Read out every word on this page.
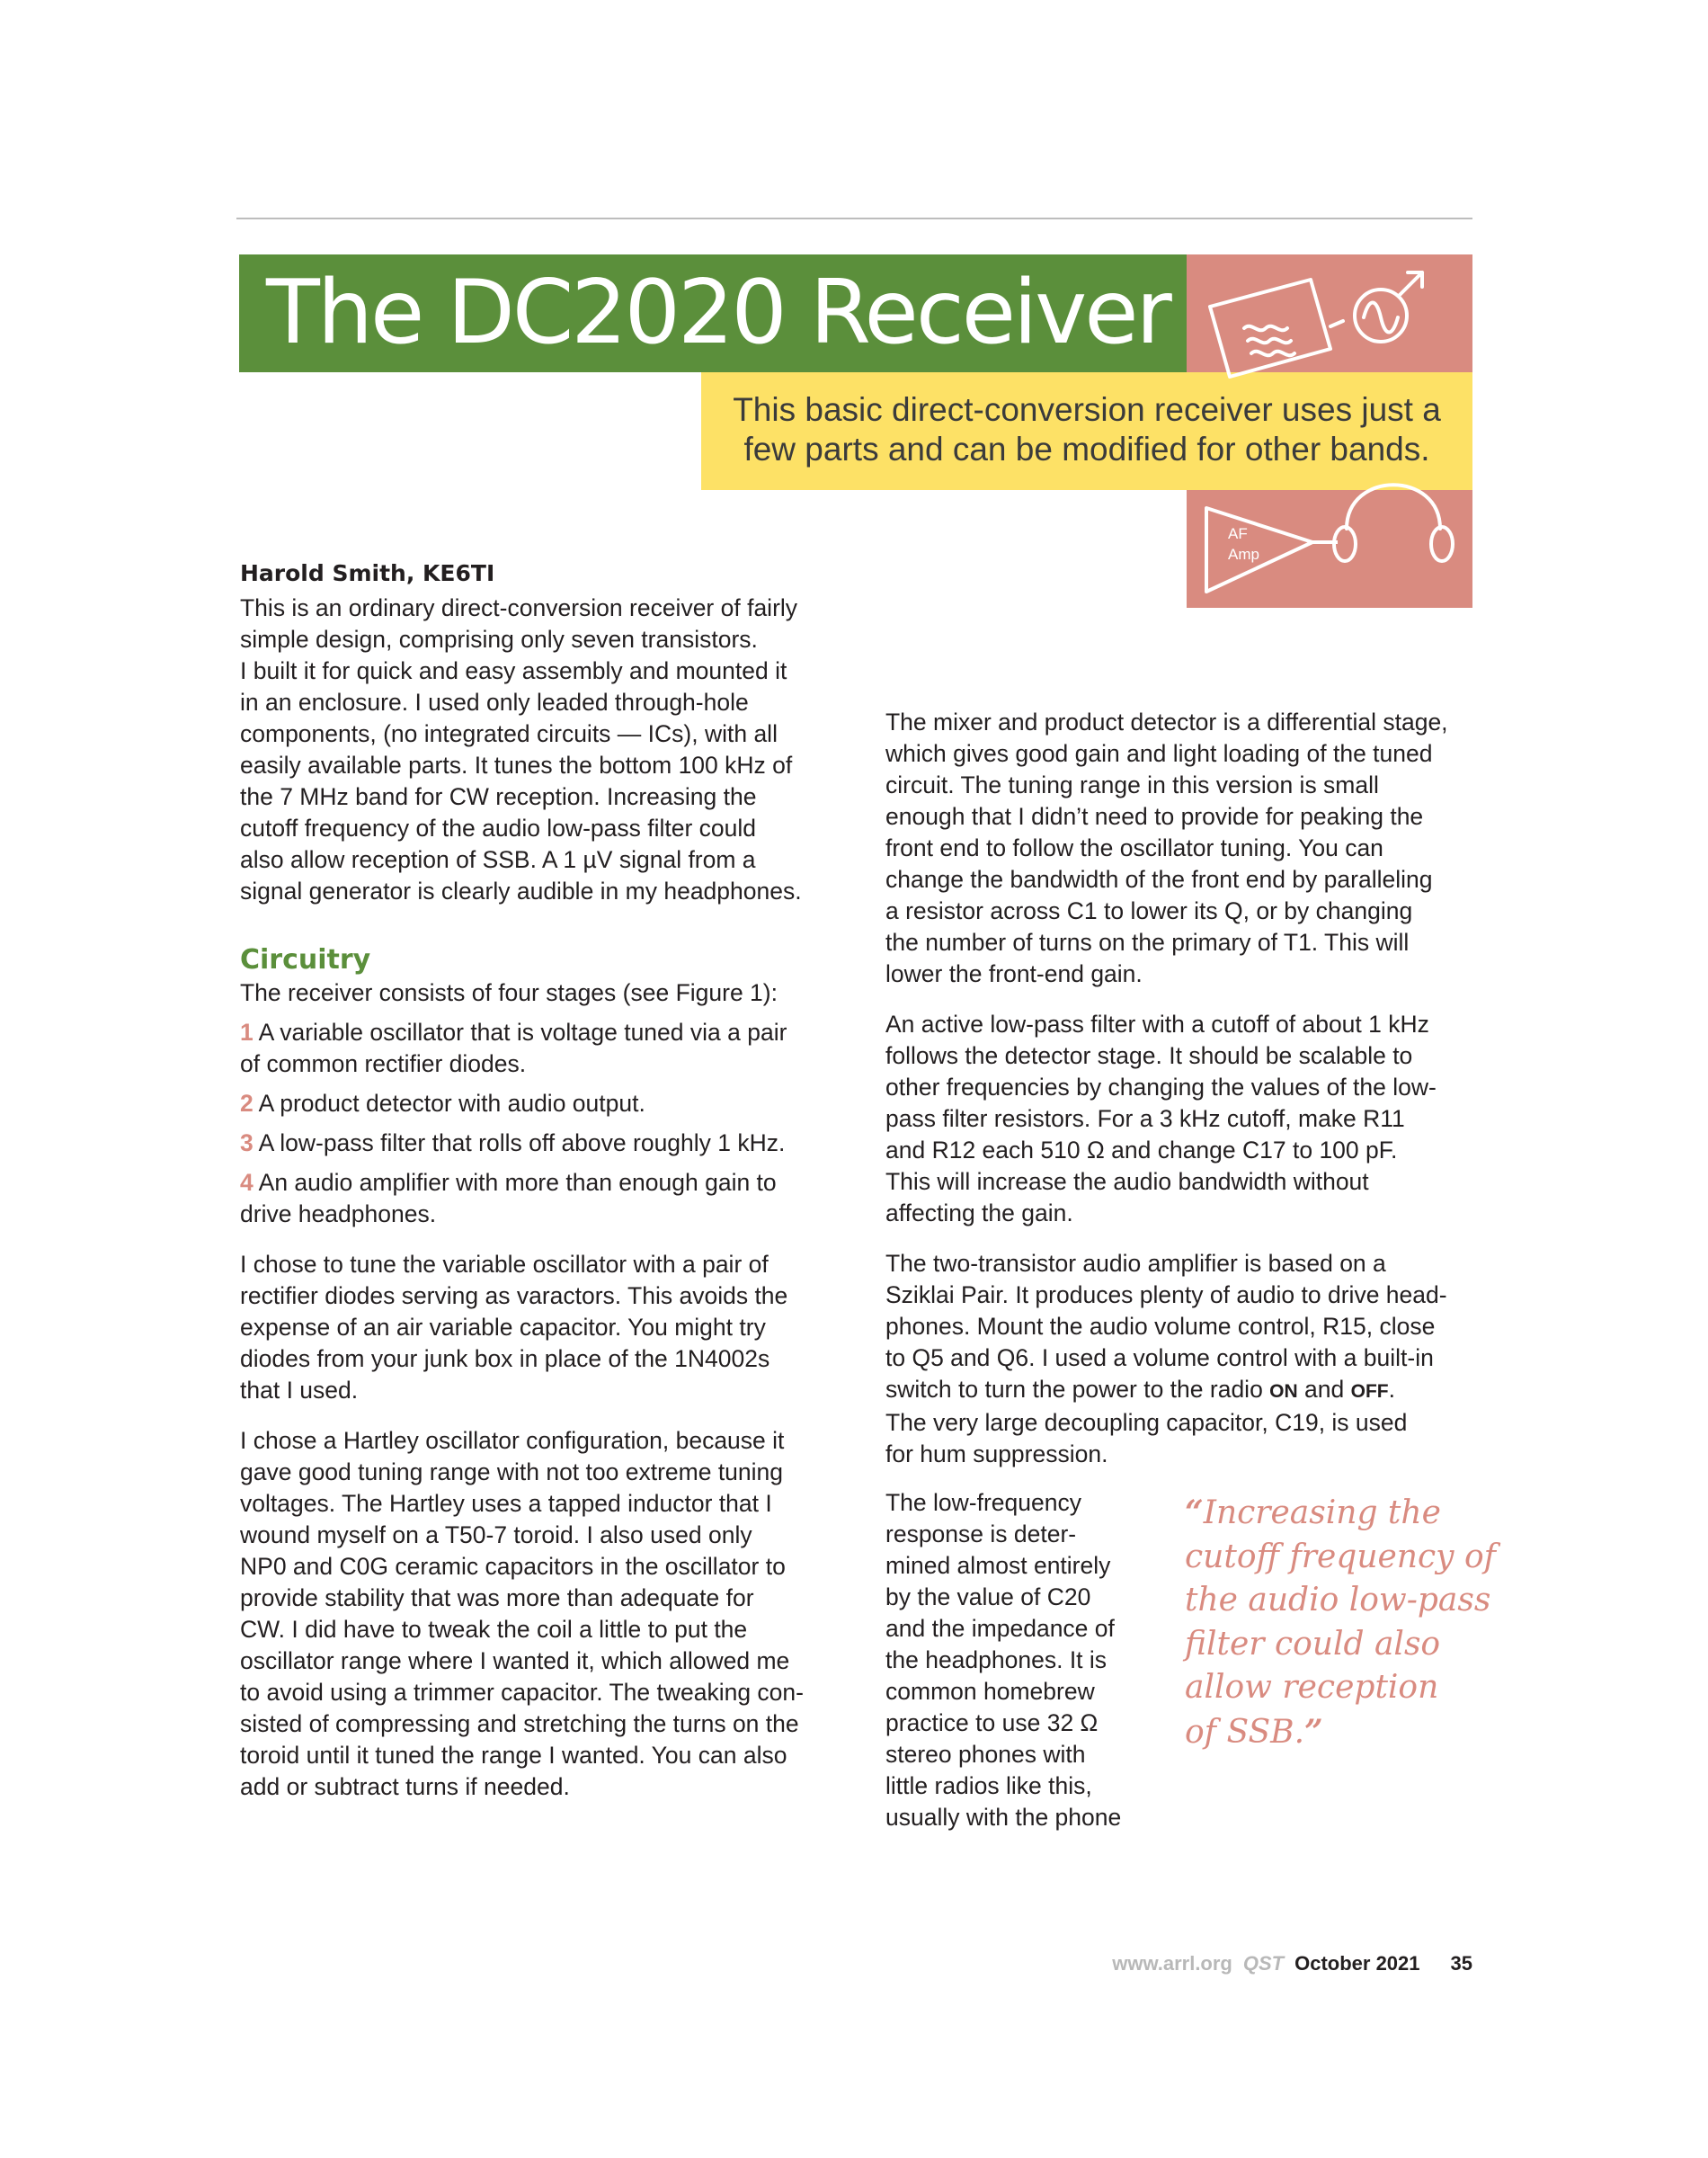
The DC2020 Receiver
This basic direct-conversion receiver uses just a
few parts and can be modified for other bands.
AF
Amp

Harold Smith, KE6TI

This is an ordinary direct-conversion receiver of fairly
simple design, comprising only seven transistors.
I built it for quick and easy assembly and mounted it
in an enclosure. I used only leaded through-hole
components, (no integrated circuits — ICs), with all
easily available parts. It tunes the bottom 100 kHz of
the 7 MHz band for CW reception. Increasing the
cutoff frequency of the audio low-pass filter could
also allow reception of SSB. A 1 µV signal from a
signal generator is clearly audible in my headphones.

Circuitry

The receiver consists of four stages (see Figure 1):

1 A variable oscillator that is voltage tuned via a pair
of common rectifier diodes.

2 A product detector with audio output.

3 A low-pass filter that rolls off above roughly 1 kHz.

4 An audio amplifier with more than enough gain to
drive headphones.

I chose to tune the variable oscillator with a pair of
rectifier diodes serving as varactors. This avoids the
expense of an air variable capacitor. You might try
diodes from your junk box in place of the 1N4002s
that I used.

I chose a Hartley oscillator configuration, because it
gave good tuning range with not too extreme tuning
voltages. The Hartley uses a tapped inductor that I
wound myself on a T50-7 toroid. I also used only
NP0 and C0G ceramic capacitors in the oscillator to
provide stability that was more than adequate for
CW. I did have to tweak the coil a little to put the
oscillator range where I wanted it, which allowed me
to avoid using a trimmer capacitor. The tweaking con-
sisted of compressing and stretching the turns on the
toroid until it tuned the range I wanted. You can also
add or subtract turns if needed.

The mixer and product detector is a differential stage,
which gives good gain and light loading of the tuned
circuit. The tuning range in this version is small
enough that I didn’t need to provide for peaking the
front end to follow the oscillator tuning. You can
change the bandwidth of the front end by paralleling
a resistor across C1 to lower its Q, or by changing
the number of turns on the primary of T1. This will
lower the front-end gain.

An active low-pass filter with a cutoff of about 1 kHz
follows the detector stage. It should be scalable to
other frequencies by changing the values of the low-
pass filter resistors. For a 3 kHz cutoff, make R11
and R12 each 510 Ω and change C17 to 100 pF.
This will increase the audio bandwidth without
affecting the gain.

The two-transistor audio amplifier is based on a
Sziklai Pair. It produces plenty of audio to drive head-
phones. Mount the audio volume control, R15, close
to Q5 and Q6. I used a volume control with a built-in
switch to turn the power to the radio ON and OFF.
The very large decoupling capacitor, C19, is used
for hum suppression.

The low-frequency
response is deter-
mined almost entirely
by the value of C20
and the impedance of
the headphones. It is
common homebrew
practice to use 32 Ω
stereo phones with
little radios like this,
usually with the phone

“Increasing the
cutoff frequency of
the audio low-pass
filter could also
allow reception
of SSB.”
www.arrl.org QST October 2021 35
